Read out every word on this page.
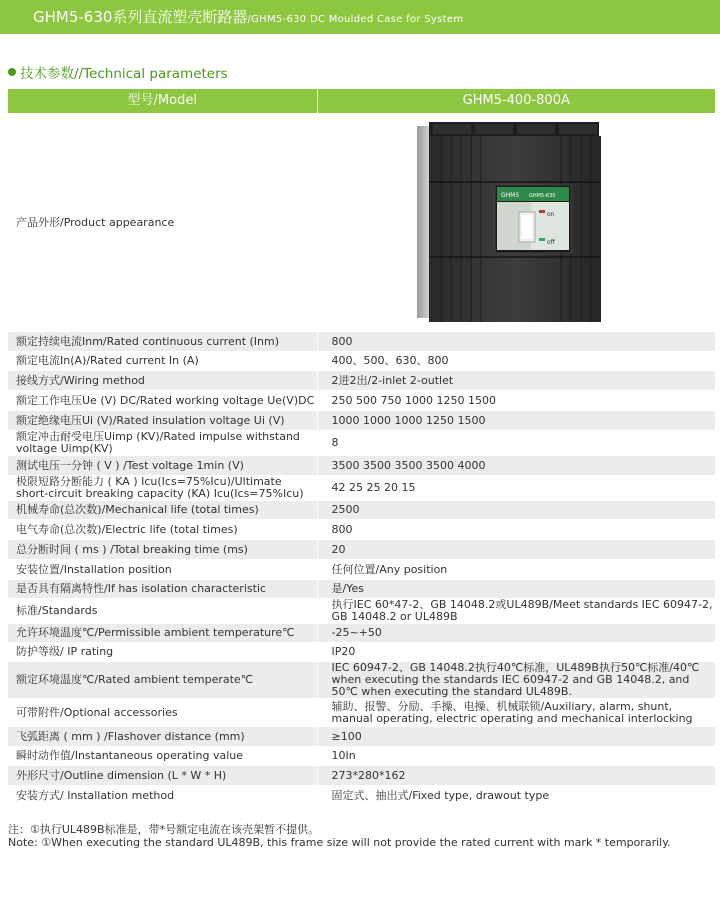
GHM5-630系列直流塑壳断路器/GHM5-630 DC Moulded Case for System
技术参数//Technical parameters
型号/Model	GHM5-400-800A
产品外形/Product appearance	GHM5 GHM5-630
on
off

额定持续电流Inm/Rated continuous current (Inm)	800
额定电流In(A)/Rated current In (A)	400、500、630、800
接线方式/Wiring method	2进2出/2-inlet 2-outlet
额定工作电压Ue (V) DC/Rated working voltage Ue(V)DC	250 500 750 1000 1250 1500
额定绝缘电压Ui (V)/Rated insulation voltage Ui (V)	1000 1000 1000 1250 1500
额定冲击耐受电压Uimp (KV)/Rated impulse withstand voltage Uimp(KV)	8
测试电压一分钟 ( V ) /Test voltage 1min (V)	3500 3500 3500 3500 4000
极限短路分断能力 ( KA ) Icu(Ics=75%Icu)/Ultimate short-circuit breaking capacity (KA) Icu(Ics=75%Icu)	42 25 25 20 15
机械寿命(总次数)/Mechanical life (total times)	2500
电气寿命(总次数)/Electric life (total times)	800
总分断时间 ( ms ) /Total breaking time (ms)	20
安装位置/Installation position	任何位置/Any position
是否具有隔离特性/If has isolation characteristic	是/Yes
标准/Standards	执行IEC 60*47-2、GB 14048.2或UL489B/Meet standards IEC 60947-2, GB 14048.2 or UL489B
允许环境温度℃/Permissible ambient temperature℃	-25~+50
防护等级/ IP rating	IP20
额定环境温度℃/Rated ambient temperate℃	IEC 60947-2、GB 14048.2执行40℃标准，UL489B执行50℃标准/40℃ when executing the standards IEC 60947-2 and GB 14048.2, and 50℃ when executing the standard UL489B.
可带附件/Optional accessories	辅助、报警、分励、手操、电操、机械联锁/Auxiliary, alarm, shunt, manual operating, electric operating and mechanical interlocking
飞弧距离 ( mm ) /Flashover distance (mm)	≥100
瞬时动作值/Instantaneous operating value	10In
外形尺寸/Outline dimension (L * W * H)	273*280*162
安装方式/ Installation method	固定式、抽出式/Fixed type, drawout type
注：①执行UL489B标准是，带*号额定电流在该壳架暂不提供。
Note: ①When executing the standard UL489B, this frame size will not provide the rated current with mark * temporarily.
